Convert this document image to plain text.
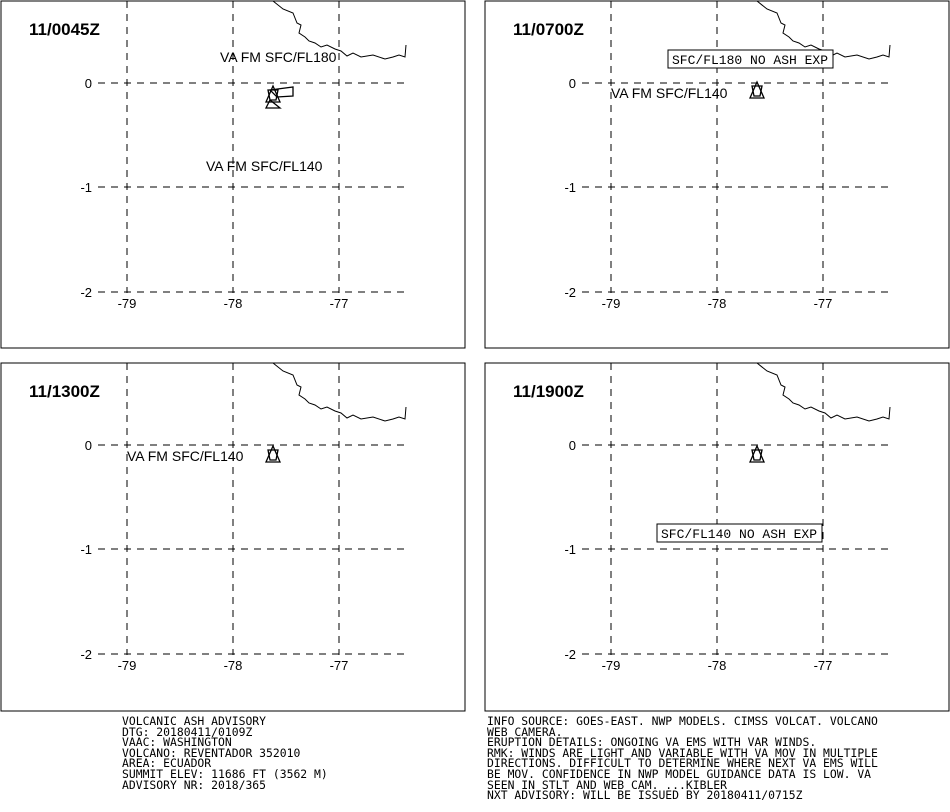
-79	-78	-77
0
-1
-2
11/0045Z
VA FM SFC/FL180
VA FM SFC/FL140
-79	-78	-77
0
-1
-2
11/0700Z
SFC/FL180 NO ASH EXP
VA FM SFC/FL140
-79	-78	-77
0
-1
-2
11/1300Z
VA FM SFC/FL140
-79	-78	-77
0
-1
-2
11/1900Z
SFC/FL140 NO ASH EXP
VOLCANIC ASH ADVISORY
DTG: 20180411/0109Z
VAAC: WASHINGTON
VOLCANO: REVENTADOR 352010
AREA: ECUADOR
SUMMIT ELEV: 11686 FT (3562 M)
ADVISORY NR: 2018/365
INFO SOURCE: GOES-EAST. NWP MODELS. CIMSS VOLCAT. VOLCANO
WEB CAMERA.
ERUPTION DETAILS: ONGOING VA EMS WITH VAR WINDS.
RMK: WINDS ARE LIGHT AND VARIABLE WITH VA MOV IN MULTIPLE
DIRECTIONS. DIFFICULT TO DETERMINE WHERE NEXT VA EMS WILL
BE MOV. CONFIDENCE IN NWP MODEL GUIDANCE DATA IS LOW. VA
SEEN IN STLT AND WEB CAM. ...KIBLER
NXT ADVISORY: WILL BE ISSUED BY 20180411/0715Z
